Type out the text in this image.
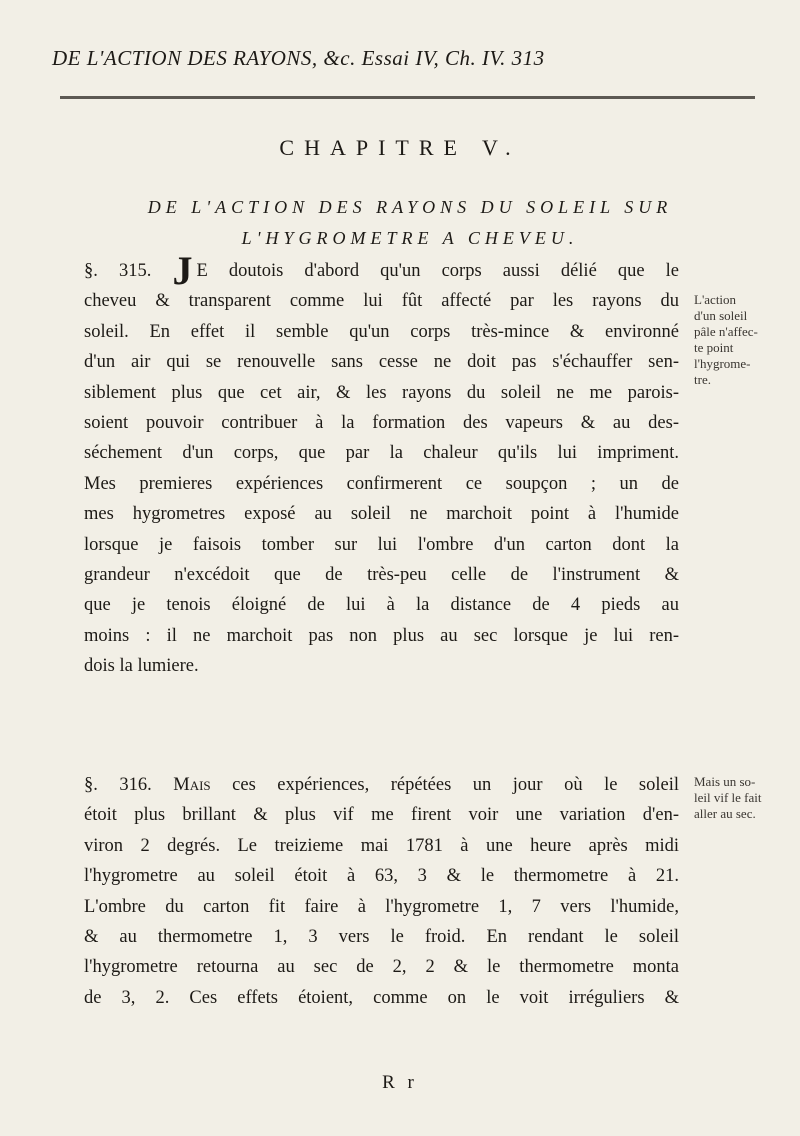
DE L'ACTION DES RAYONS, &c. Essai IV, Ch. IV. 313
CHAPITRE V.
DE L'ACTION DES RAYONS DU SOLEIL SUR
L'HYGROMETRE A CHEVEU.
§. 315. J E doutois d'abord qu'un corps aussi délié que le
cheveu & transparent comme lui fût affecté par les rayons du
soleil. En effet il semble qu'un corps très-mince & environné
d'un air qui se renouvelle sans cesse ne doit pas s'échauffer sen-
siblement plus que cet air, & les rayons du soleil ne me parois-
soient pouvoir contribuer à la formation des vapeurs & au des-
séchement d'un corps, que par la chaleur qu'ils lui impriment.
Mes premieres expériences confirmerent ce soupçon ; un de
mes hygrometres exposé au soleil ne marchoit point à l'humide
lorsque je faisois tomber sur lui l'ombre d'un carton dont la
grandeur n'excédoit que de très-peu celle de l'instrument &
que je tenois éloigné de lui à la distance de 4 pieds au
moins : il ne marchoit pas non plus au sec lorsque je lui ren-
dois la lumiere.
L'action
d'un soleil
pâle n'affec-
te point
l'hygrome-
tre.
§. 316. Mais ces expériences, répétées un jour où le soleil
étoit plus brillant & plus vif me firent voir une variation d'en-
viron 2 degrés. Le treizieme mai 1781 à une heure après midi
l'hygrometre au soleil étoit à 63, 3 & le thermometre à 21.
L'ombre du carton fit faire à l'hygrometre 1, 7 vers l'humide,
& au thermometre 1, 3 vers le froid. En rendant le soleil
l'hygrometre retourna au sec de 2, 2 & le thermometre monta
de 3, 2. Ces effets étoient, comme on le voit irréguliers &
Mais un so-
leil vif le fait
aller au sec.
R r
